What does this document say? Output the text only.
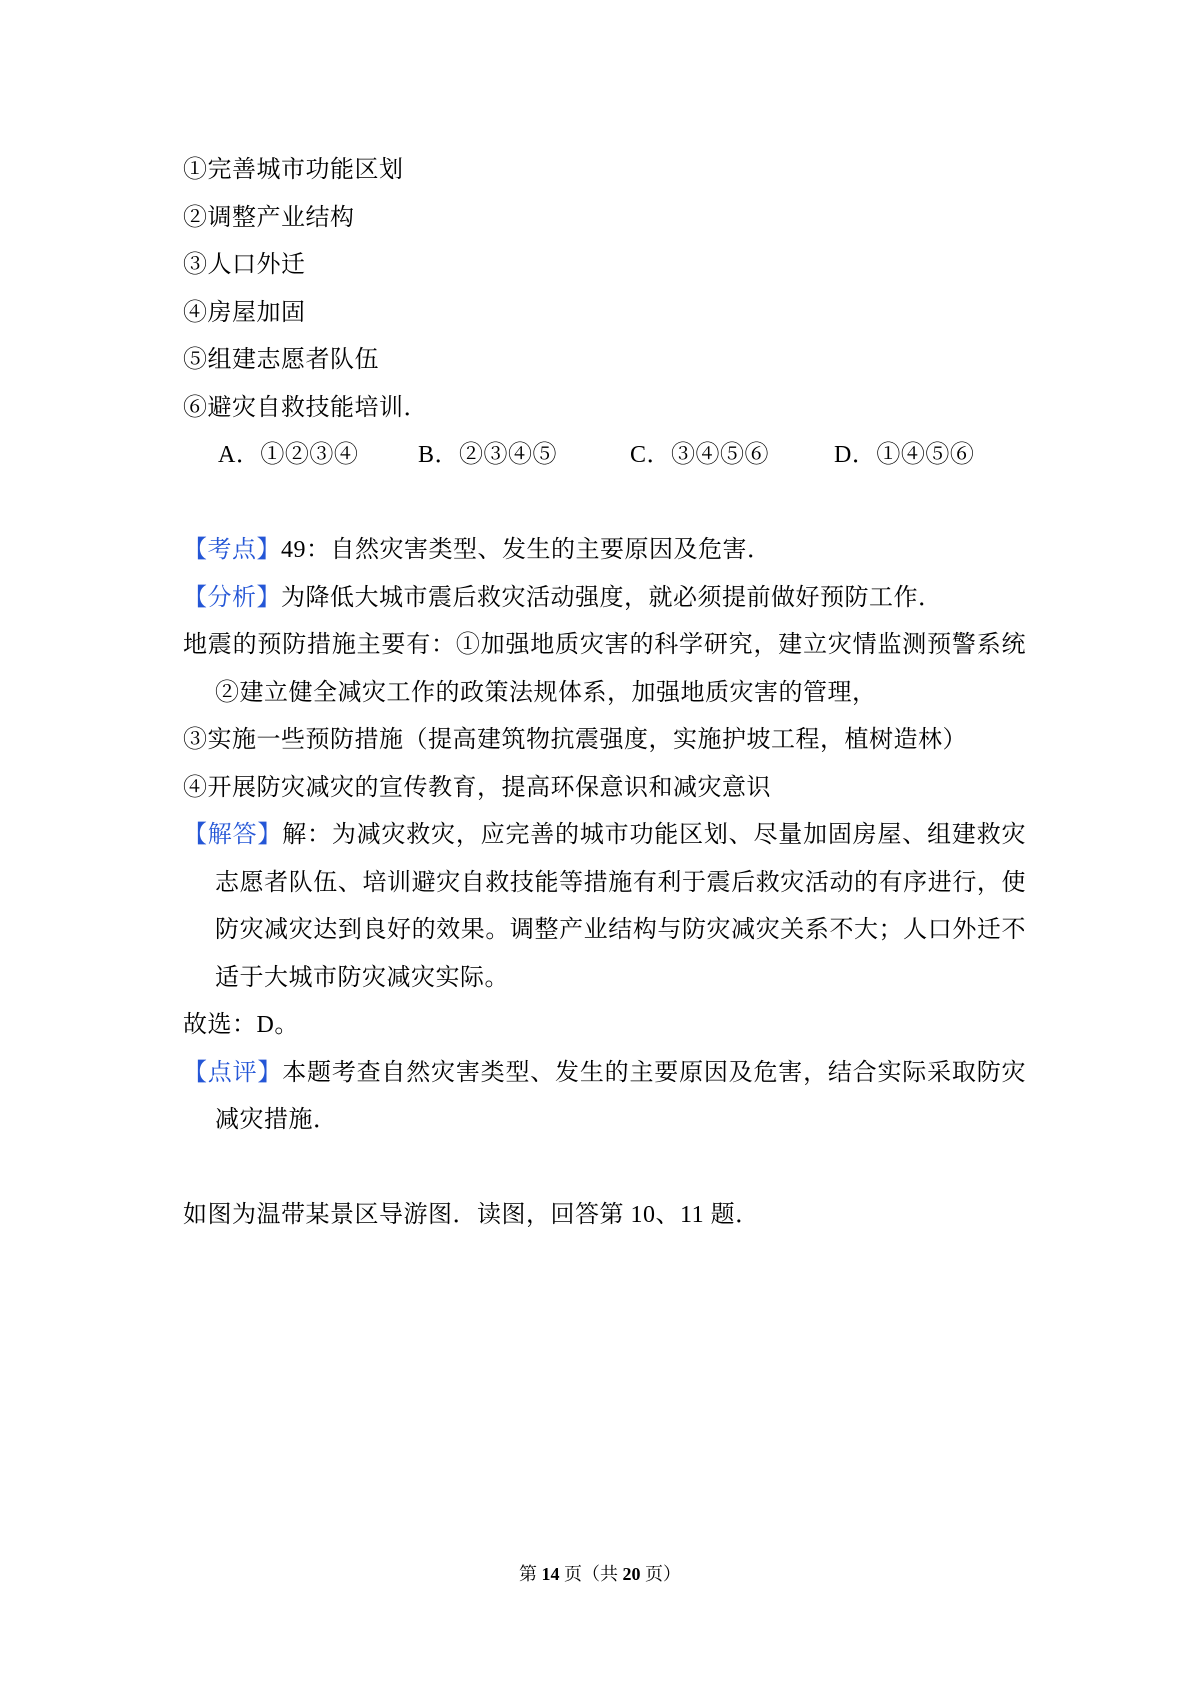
①完善城市功能区划
②调整产业结构
③人口外迁
④房屋加固
⑤组建志愿者队伍
⑥避灾自救技能培训．
A．①②③④ B．②③④⑤	C．③④⑤⑥	D．①④⑤⑥
【考点】49：自然灾害类型、发生的主要原因及危害．
【分析】为降低大城市震后救灾活动强度，就必须提前做好预防工作．
地震的预防措施主要有：①加强地质灾害的科学研究，建立灾情监测预警系统
②建立健全减灾工作的政策法规体系，加强地质灾害的管理，
③实施一些预防措施（提高建筑物抗震强度，实施护坡工程，植树造林）
④开展防灾减灾的宣传教育，提高环保意识和减灾意识
【解答】解：为减灾救灾，应完善的城市功能区划、尽量加固房屋、组建救灾
志愿者队伍、培训避灾自救技能等措施有利于震后救灾活动的有序进行，使
防灾减灾达到良好的效果。调整产业结构与防灾减灾关系不大；人口外迁不
适于大城市防灾减灾实际。
故选：D。
【点评】本题考查自然灾害类型、发生的主要原因及危害，结合实际采取防灾
减灾措施．
如图为温带某景区导游图．读图，回答第 10、11 题．
第 14 页（共 20 页）
